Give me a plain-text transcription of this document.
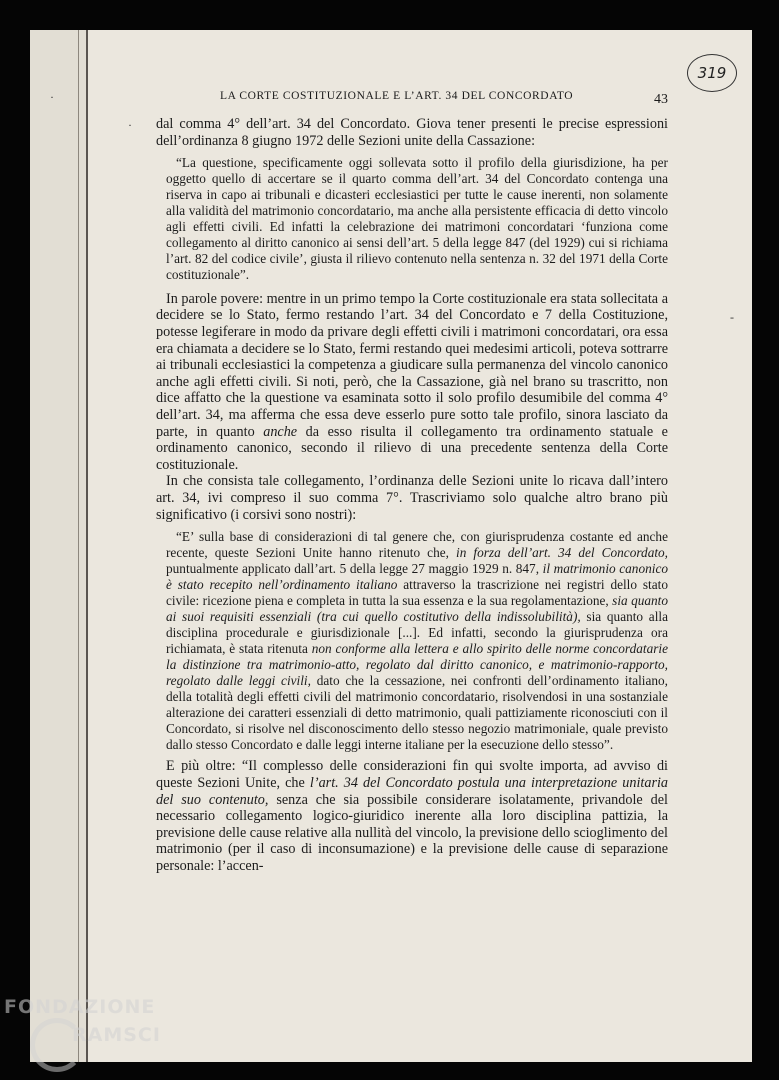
319
LA CORTE COSTITUZIONALE E L’ART. 34 DEL CONCORDATO	43
·
·
-

dal comma 4° dell’art. 34 del Concordato. Giova tener presenti le precise espressioni dell’ordinanza 8 giugno 1972 delle Sezioni unite della Cassazione:

“La questione, specificamente oggi sollevata sotto il profilo della giurisdizione, ha per oggetto quello di accertare se il quarto comma dell’art. 34 del Concordato contenga una riserva in capo ai tribunali e dicasteri ecclesiastici per tutte le cause inerenti, non solamente alla validità del matrimonio concordatario, ma anche alla persistente efficacia di detto vincolo agli effetti civili. Ed infatti la celebrazione dei matrimoni concordatari ‘funziona come collegamento al diritto canonico ai sensi dell’art. 5 della legge 847 (del 1929) cui si richiama l’art. 82 del codice civile’, giusta il rilievo contenuto nella sentenza n. 32 del 1971 della Corte costituzionale”.

In parole povere: mentre in un primo tempo la Corte costituzionale era stata sollecitata a decidere se lo Stato, fermo restando l’art. 34 del Concordato e 7 della Costituzione, potesse legiferare in modo da privare degli effetti civili i matrimoni concordatari, ora essa era chiamata a decidere se lo Stato, fermi restando quei medesimi articoli, poteva sottrarre ai tribunali ecclesiastici la competenza a giudicare sulla permanenza del vincolo canonico anche agli effetti civili. Si noti, però, che la Cassazione, già nel brano su trascritto, non dice affatto che la questione va esaminata sotto il solo profilo desumibile del comma 4° dell’art. 34, ma afferma che essa deve esserlo pure sotto tale profilo, sinora lasciato da parte, in quanto anche da esso risulta il collegamento tra ordinamento statuale e ordinamento canonico, secondo il rilievo di una precedente sentenza della Corte costituzionale.

In che consista tale collegamento, l’ordinanza delle Sezioni unite lo ricava dall’intero art. 34, ivi compreso il suo comma 7°. Trascriviamo solo qualche altro brano più significativo (i corsivi sono nostri):

“E’ sulla base di considerazioni di tal genere che, con giurisprudenza costante ed anche recente, queste Sezioni Unite hanno ritenuto che, in forza dell’art. 34 del Concordato, puntualmente applicato dall’art. 5 della legge 27 maggio 1929 n. 847, il matrimonio canonico è stato recepito nell’ordinamento italiano attraverso la trascrizione nei registri dello stato civile: ricezione piena e completa in tutta la sua essenza e la sua regolamentazione, sia quanto ai suoi requisiti essenziali (tra cui quello costitutivo della indissolubilità), sia quanto alla disciplina procedurale e giurisdizionale [...]. Ed infatti, secondo la giurisprudenza ora richiamata, è stata ritenuta non conforme alla lettera e allo spirito delle norme concordatarie la distinzione tra matrimonio-atto, regolato dal diritto canonico, e matrimonio-rapporto, regolato dalle leggi civili, dato che la cessazione, nei confronti dell’ordinamento italiano, della totalità degli effetti civili del matrimonio concordatario, risolvendosi in una sostanziale alterazione dei caratteri essenziali di detto matrimonio, quali pattiziamente riconosciuti con il Concordato, si risolve nel disconoscimento dello stesso negozio matrimoniale, quale previsto dallo stesso Concordato e dalle leggi interne italiane per la esecuzione dello stesso”.

E più oltre: “Il complesso delle considerazioni fin qui svolte importa, ad avviso di queste Sezioni Unite, che l’art. 34 del Concordato postula una interpretazione unitaria del suo contenuto, senza che sia possibile considerare isolatamente, privandole del necessario collegamento logico-giuridico inerente alla loro disciplina pattizia, la previsione delle cause relative alla nullità del vincolo, la previsione dello scioglimento del matrimonio (per il caso di inconsumazione) e la previsione delle cause di separazione personale: l’accen-

FONDAZIONE
RAMSCI
